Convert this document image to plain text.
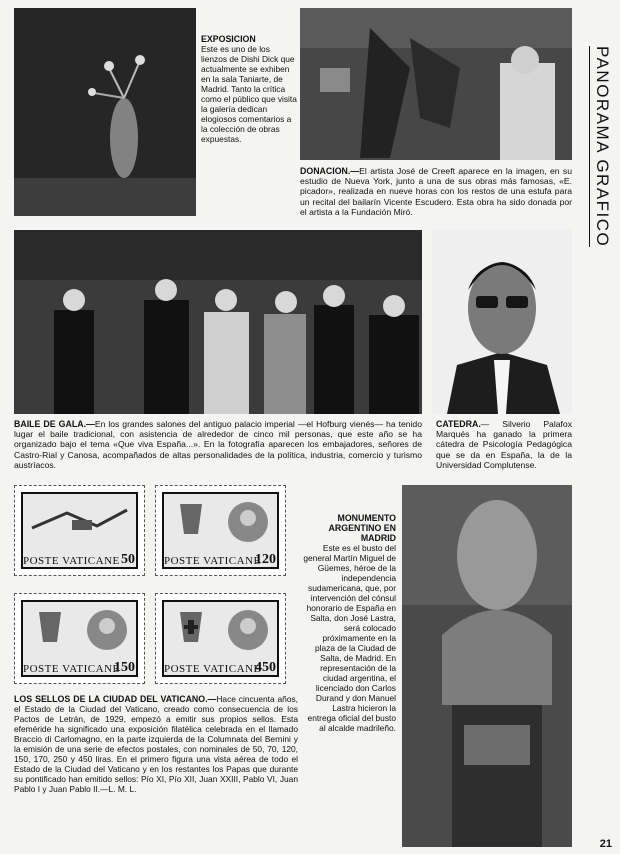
PANORAMA GRAFICO
EXPOSICION
Este es uno de los lienzos de Dishi Dick que actualmente se exhiben en la sala Taniarte, de Madrid. Tanto la crítica como el público que visita la galería dedican elogiosos comentarios a la colección de obras expuestas.
DONACION.—El artista José de Creeft aparece en la imagen, en su estudio de Nueva York, junto a una de sus obras más famosas, «E. picador», realizada en nueve horas con los restos de una estufa para un recital del bailarín Vicente Escudero. Esta obra ha sido donada por el artista a la Fundación Miró.
BAILE DE GALA.—En los grandes salones del antiguo palacio imperial —el Hofburg vienés— ha tenido lugar el baile tradicional, con asistencia de alrededor de cinco mil personas, que este año se ha organizado bajo el tema «Que viva España...». En la fotografía aparecen los embajadores, señores de Castro-Rial y Canosa, acompañados de altas personalidades de la política, industria, comercio y turismo austríacos.
CATEDRA.— Silverio Palafox Marqués ha ganado la primera cátedra de Psicología Pedagógica que se da en España, la de la Universidad Complutense.
POSTE VATICANE 50	POSTE VATICANE
120
POSTE VATICANE
150	POSTE VATICANE
450
LOS SELLOS DE LA CIUDAD DEL VATICANO.—Hace cincuenta años, el Estado de la Ciudad del Vaticano, creado como consecuencia de los Pactos de Letrán, de 1929, empezó a emitir sus propios sellos. Esta efeméride ha significado una exposición filatélica celebrada en el llamado Braccio di Carlomagno, en la parte izquierda de la Columnata del Bernini y la emisión de una serie de efectos postales, con nominales de 50, 70, 120, 150, 170, 250 y 450 liras. En el primero figura una vista aérea de todo el Estado de la Ciudad del Vaticano y en los restantes los Papas que durante su pontificado han emitido sellos: Pío XI, Pío XII, Juan XXIII, Pablo VI, Juan Pablo I y Juan Pablo II.—L. M. L.
MONUMENTO ARGENTINO EN MADRID
Este es el busto del general Martín Miguel de Güemes, héroe de la independencia sudamericana, que, por intervención del cónsul honorario de España en Salta, don José Lastra, será colocado próximamente en la plaza de la Ciudad de Salta, de Madrid. En representación de la ciudad argentina, el licenciado don Carlos Durand y don Manuel Lastra hicieron la entrega oficial del busto al alcalde madrileño.
21
